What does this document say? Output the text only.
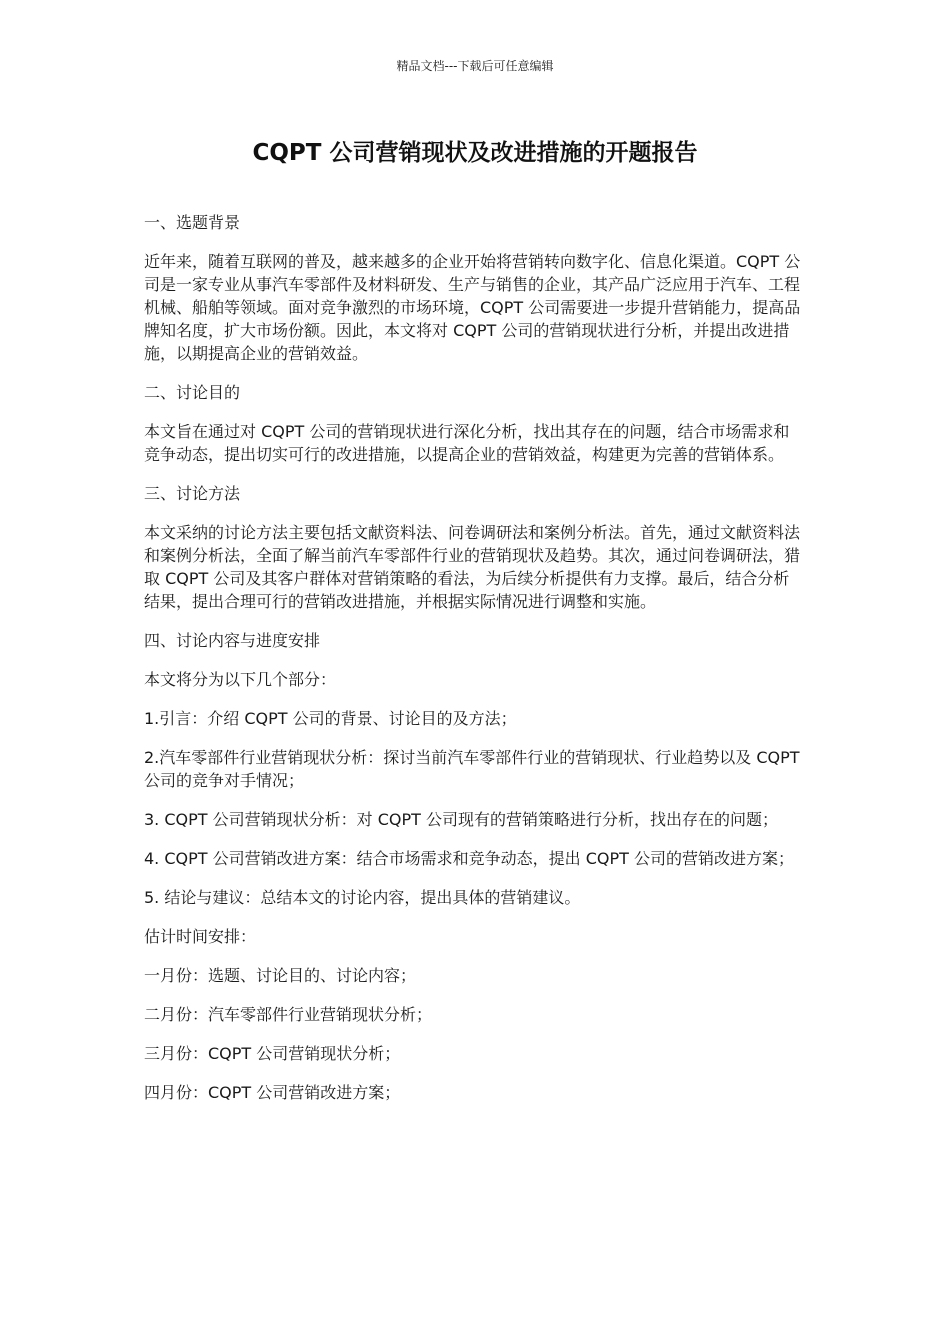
精品文档---下载后可任意编辑
CQPT 公司营销现状及改进措施的开题报告

一、选题背景

近年来，随着互联网的普及，越来越多的企业开始将营销转向数字化、信息化渠道。CQPT 公司是一家专业从事汽车零部件及材料研发、生产与销售的企业，其产品广泛应用于汽车、工程机械、船舶等领域。面对竞争激烈的市场环境，CQPT 公司需要进一步提升营销能力，提高品牌知名度，扩大市场份额。因此，本文将对 CQPT 公司的营销现状进行分析，并提出改进措施，以期提高企业的营销效益。

二、讨论目的

本文旨在通过对 CQPT 公司的营销现状进行深化分析，找出其存在的问题，结合市场需求和竞争动态，提出切实可行的改进措施，以提高企业的营销效益，构建更为完善的营销体系。

三、讨论方法

本文采纳的讨论方法主要包括文献资料法、问卷调研法和案例分析法。首先，通过文献资料法和案例分析法，全面了解当前汽车零部件行业的营销现状及趋势。其次，通过问卷调研法，猎取 CQPT 公司及其客户群体对营销策略的看法，为后续分析提供有力支撑。最后，结合分析结果，提出合理可行的营销改进措施，并根据实际情况进行调整和实施。

四、讨论内容与进度安排

本文将分为以下几个部分：

1.引言：介绍 CQPT 公司的背景、讨论目的及方法；

2.汽车零部件行业营销现状分析：探讨当前汽车零部件行业的营销现状、行业趋势以及 CQPT 公司的竞争对手情况；

3. CQPT 公司营销现状分析：对 CQPT 公司现有的营销策略进行分析，找出存在的问题；

4. CQPT 公司营销改进方案：结合市场需求和竞争动态，提出 CQPT 公司的营销改进方案；

5. 结论与建议：总结本文的讨论内容，提出具体的营销建议。

估计时间安排：

一月份：选题、讨论目的、讨论内容；

二月份：汽车零部件行业营销现状分析；

三月份：CQPT 公司营销现状分析；

四月份：CQPT 公司营销改进方案；
